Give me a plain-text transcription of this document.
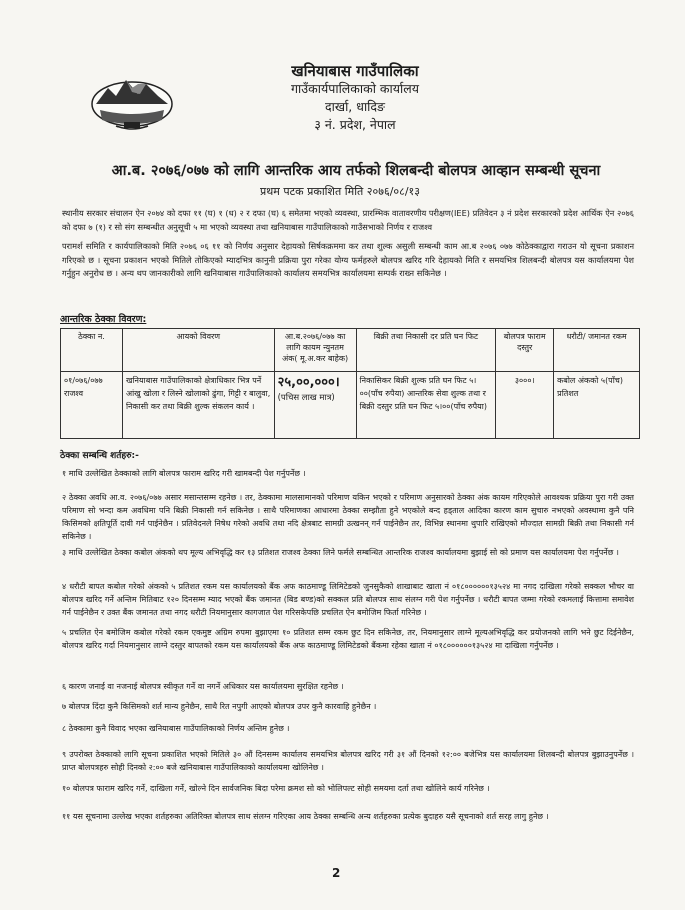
खनियाबास गाउँपालिका
गाउँकार्यपालिकाको कार्यालय
दार्खा, धादिङ
३ नं. प्रदेश, नेपाल
आ.ब. २०७६/०७७ को लागि आन्तरिक आय तर्फको शिलबन्दी बोलपत्र आव्हान सम्बन्धी सूचना
प्रथम पटक प्रकाशित मिति २०७६/०८/१३
स्थानीय सरकार संचालन ऐन २०७४ को दफा ११ (घ) १ (ध) २ र दफा (घ) ६ समेतमा भएको व्यवस्था, प्रारम्भिक वातावरणीय परीक्षण(IEE) प्रतिवेदन ३ नं प्रदेश सरकारको प्रदेश आर्थिक ऐन २०७६ को दफा ७ (१) र सो संग सम्बन्धीत अनुसूची ५ मा भएको व्यवस्था तथा खनियाबास गाउँपालिकाको गाउँसभाको निर्णय र राजश्व
परामर्श समिति र कार्यपालिकाको मिति २०७६ ०६ ११ को निर्णय अनुसार देहायको सिर्षकक्रममा कर तथा शुल्क असुली सम्बन्धी काम आ.ब २०७६ ०७७ कोठेक्काद्वारा गराउन यो सूचना प्रकाशन गरिएको छ । सूचना प्रकाशन भएको मितिले तोकिएको म्यादभित्र कानुनी प्रक्रिया पुरा गरेका योग्य फर्महरुले बोलपत्र खरिद गरि देहायको मिति र समयभित्र शिलबन्दी बोलपत्र यस कार्यालयमा पेश गर्नुहुन अनुरोध छ । अन्य थप जानकारीको लागि खनियाबास गाउँपालिकाको कार्यालय समयभित्र कार्यालयमा सम्पर्क राख्न सकिनेछ ।
आन्तरिक ठेक्का विवरण:
ठेक्का न.	आयको विवरण	आ.ब.२०७६/०७७ का लागि कायम न्युनतम अंक( मू.अ.कर बाहेक)	बिक्री तथा निकासी दर प्रति घन फिट	बोलपत्र फाराम दस्तुर	धरौटी/ जमानत रकम
०१/०७६/०७७ राजश्व	खनियाबास गाउँपालिकाको क्षेत्राधिकार भित्र पर्ने आंखु खोला र लिस्ने खोलाको ढुंगा, गिट्टी र बालुवा, निकासी कर तथा बिक्री शुल्क संकलन कार्य ।	२५,००,०००।
(पचिस लाख मात्र)	निकासिकर बिक्री शुल्क प्रति घन फिट ५।००(पाँच रुपैया) आन्तरिक सेवा शुल्क तथा र बिक्री दस्तुर प्रति घन फिट ५।००(पाँच रुपैया)	३०००।	कबोल अंकको ५(पाँच) प्रतिशत
ठेक्का सम्बन्धि शर्तहरु:-
१ माथि उल्लेखित ठेक्काको लागि बोलपत्र फाराम खरिद गरी खामबन्दी पेश गर्नुपर्नेछ ।
२ ठेक्का अवधि आ.व. २०७६/०७७ असार मसान्तसम्म रहनेछ । तर, ठेक्कामा मालसामानको परिमाण यकिन भएको र परिमाण अनुसारको ठेक्का अंक कायम गरिएकोले आवश्यक प्रक्रिया पुरा गरी उक्त परिमाण सो भन्दा कम अवधिमा पनि बिक्री निकासी गर्न सकिनेछ । साथै परिमाणका आधारमा ठेक्का सम्झौता हुने भएकोले बन्द हड्ताल आदिका कारण काम सुचारु नभएको अवस्थामा कुनै पनि किसिमको क्षतिपूर्ति दावी गर्न पाईनेछैन । प्रतिवेदनले निषेध गरेको अवधि तथा नदि क्षेत्रबाट सामग्री उत्खनन् गर्न पाईनेछैन तर, विभिन्न स्थानमा थुपारि राखिएको मौज्दात सामग्री बिक्री तथा निकासी गर्न सकिनेछ ।
३ माथि उल्लेखित ठेक्का कबोल अंकको थप मूल्य अभिवृद्धि कर १३ प्रतिशत राजश्व ठेक्का लिने फर्मले सम्बन्धित आन्तरिक राजश्व कार्यालयमा बुझाई सो को प्रमाण यस कार्यालयमा पेश गर्नुपर्नेछ ।
४ धरौटी बापत कबोल गरेको अंकको ५ प्रतिशत रकम यस कार्यालयको बैंक अफ काठमाण्डू लिमिटेडको जुनसुकैको शाखाबाट खाता नं ०१८००००००१३५२४ मा नगद दाखिला गरेको सक्कल भौचर वा बोलपत्र खरिद गर्ने अन्तिम मितिबाट १२० दिनसम्म म्याद भएको बैंक जमानत (बिड बण्ड)को सक्कल प्रति बोलपत्र साथ संलग्न गरी पेश गर्नुपर्नेछ । धरौटी बापत जम्मा गरेको रकमलाई कित्तामा समावेश गर्न पाईनेछैन र उक्त बैंक जमानत तथा नगद धरौटी नियमानुसार कागजात पेश गरिसकेपछि प्रचलित ऐन बमोजिम फिर्ता गरिनेछ ।
५ प्रचलित ऐन बमोजिम कबोल गरेको रकम एकमुष्ट अग्रिम रुपमा बुझाएमा १० प्रतिशत सम्म रकम छुट दिन सकिनेछ, तर, नियमानुसार लाग्ने मूल्यअभिवृद्धि कर प्रयोजनको लागि भने छुट दिईनेछैन, बोलपत्र खरिद गर्दा नियमानुसार लाग्ने दस्तुर बापतको रकम यस कार्यालयको बैंक अफ काठमाण्डू लिमिटेडको बैंकमा रहेका खाता नं ०१८००००००१३५२४ मा दाखिला गर्नुपर्नेछ ।
६ कारण जनाई वा नजनाई बोलपत्र स्वीकृत गर्ने वा नगर्ने अधिकार यस कार्यालयमा सुरक्षित रहनेछ ।
७ बोलपत्र दिंदा कुनै किसिमको शर्त मान्य हुनेछैन, साथै रित नपुगी आएको बोलपत्र उपर कुनै कारवाहि हुनेछैन ।
८ ठेक्कामा कुनै विवाद भएका खनियाबास गाउँपालिकाको निर्णय अन्तिम हुनेछ ।
९ उपरोक्त ठेक्काको लागि सूचना प्रकाशित भएको मितिले ३० औं दिनसम्म कार्यालय समयभित्र बोलपत्र खरिद गरी ३१ औं दिनको १२:०० बजेभित्र यस कार्यालयमा शिलबन्दी बोलपत्र बुझाउनुपर्नेछ । प्राप्त बोलपत्रहरु सोही दिनको २:०० बजे खनियाबास गाउँपालिकाको कार्यालयमा खोलिनेछ ।
१० बोलपत्र फाराम खरिद गर्ने, दाखिला गर्ने, खोल्ने दिन सार्वजनिक बिदा परेमा क्रमश सो को भोलिपल्ट सोही समयमा दर्ता तथा खोलिने कार्य गरिनेछ ।
११ यस सूचनामा उल्लेख भएका शर्तहरुका अतिरिक्त बोलपत्र साथ संलग्न गरिएका आय ठेक्का सम्बन्धि अन्य शर्तहरुका प्रत्येक बुदाहरु यसै सूचनाको शर्त सरह लागु हुनेछ ।
2
